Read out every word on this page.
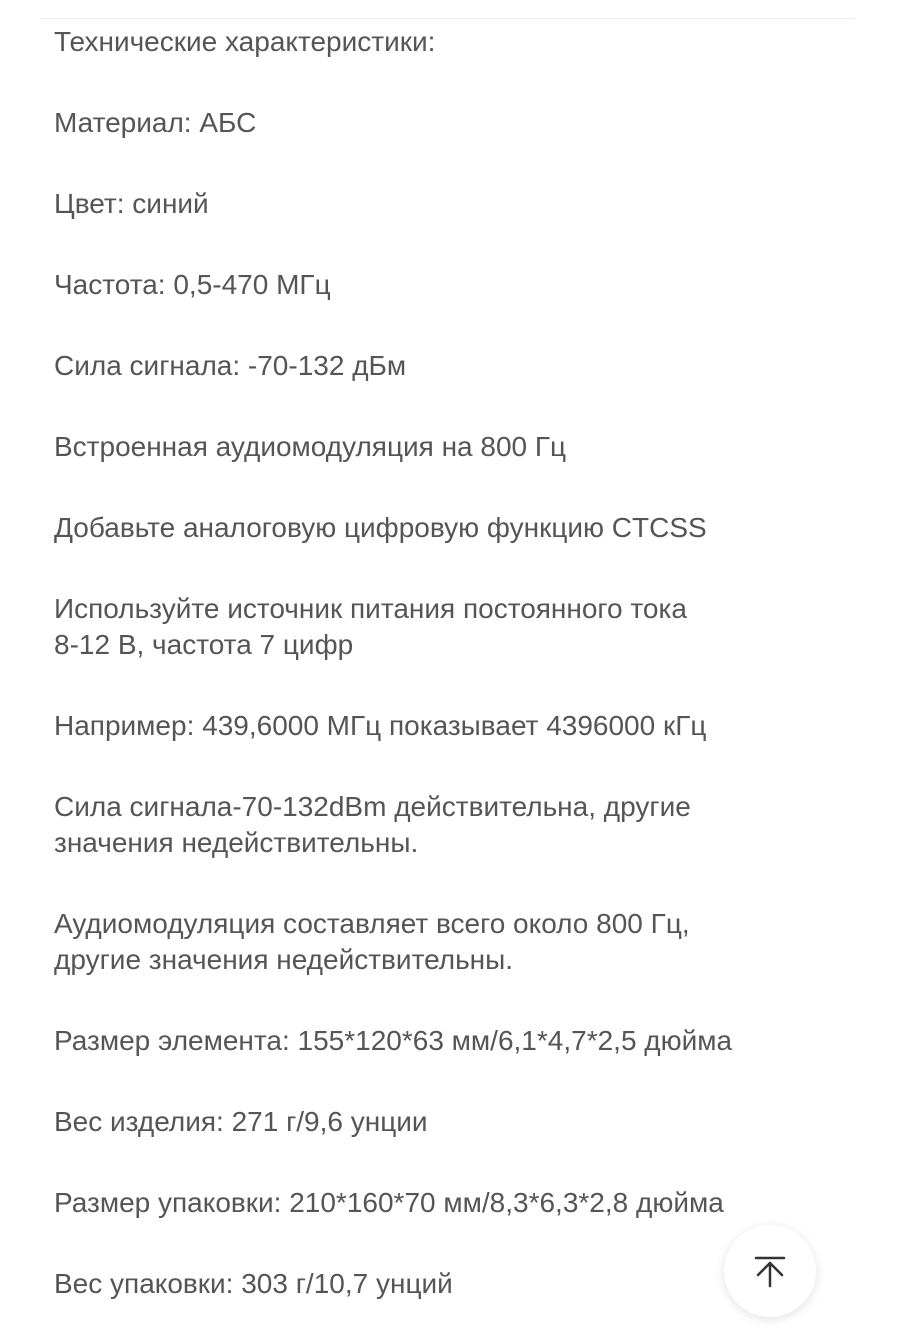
Технические характеристики:
Материал: АБС
Цвет: синий
Частота: 0,5-470 МГц
Сила сигнала: -70-132 дБм
Встроенная аудиомодуляция на 800 Гц
Добавьте аналоговую цифровую функцию CTCSS
Используйте источник питания постоянного тока
8-12 В, частота 7 цифр
Например: 439,6000 МГц показывает 4396000 кГц
Сила сигнала-70-132dBm действительна, другие
значения недействительны.
Аудиомодуляция составляет всего около 800 Гц,
другие значения недействительны.
Размер элемента: 155*120*63 мм/6,1*4,7*2,5 дюйма
Вес изделия: 271 г/9,6 унции
Размер упаковки: 210*160*70 мм/8,3*6,3*2,8 дюйма
Вес упаковки: 303 г/10,7 унций
